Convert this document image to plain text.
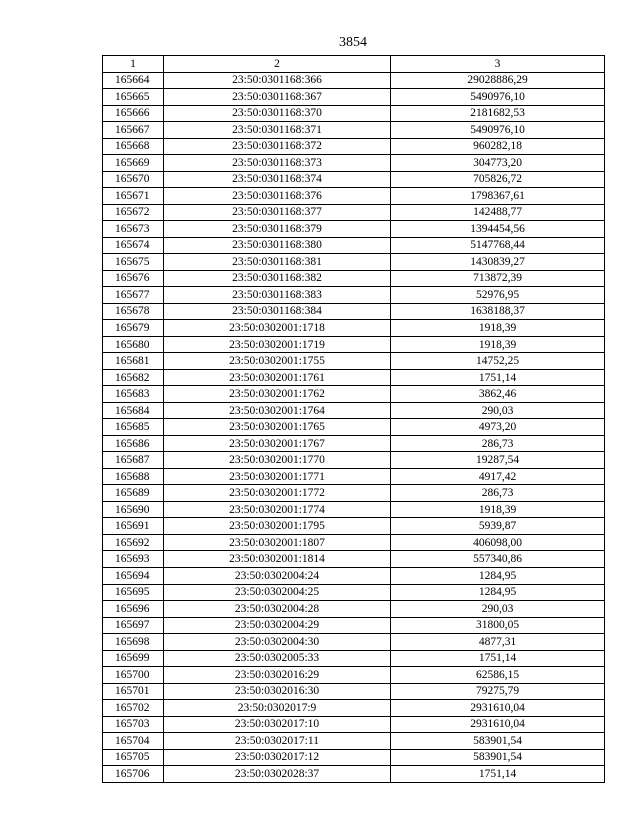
3854
1	2	3
165664	23:50:0301168:366	29028886,29
165665	23:50:0301168:367	5490976,10
165666	23:50:0301168:370	2181682,53
165667	23:50:0301168:371	5490976,10
165668	23:50:0301168:372	960282,18
165669	23:50:0301168:373	304773,20
165670	23:50:0301168:374	705826,72
165671	23:50:0301168:376	1798367,61
165672	23:50:0301168:377	142488,77
165673	23:50:0301168:379	1394454,56
165674	23:50:0301168:380	5147768,44
165675	23:50:0301168:381	1430839,27
165676	23:50:0301168:382	713872,39
165677	23:50:0301168:383	52976,95
165678	23:50:0301168:384	1638188,37
165679	23:50:0302001:1718	1918,39
165680	23:50:0302001:1719	1918,39
165681	23:50:0302001:1755	14752,25
165682	23:50:0302001:1761	1751,14
165683	23:50:0302001:1762	3862,46
165684	23:50:0302001:1764	290,03
165685	23:50:0302001:1765	4973,20
165686	23:50:0302001:1767	286,73
165687	23:50:0302001:1770	19287,54
165688	23:50:0302001:1771	4917,42
165689	23:50:0302001:1772	286,73
165690	23:50:0302001:1774	1918,39
165691	23:50:0302001:1795	5939,87
165692	23:50:0302001:1807	406098,00
165693	23:50:0302001:1814	557340,86
165694	23:50:0302004:24	1284,95
165695	23:50:0302004:25	1284,95
165696	23:50:0302004:28	290,03
165697	23:50:0302004:29	31800,05
165698	23:50:0302004:30	4877,31
165699	23:50:0302005:33	1751,14
165700	23:50:0302016:29	62586,15
165701	23:50:0302016:30	79275,79
165702	23:50:0302017:9	2931610,04
165703	23:50:0302017:10	2931610,04
165704	23:50:0302017:11	583901,54
165705	23:50:0302017:12	583901,54
165706	23:50:0302028:37	1751,14
